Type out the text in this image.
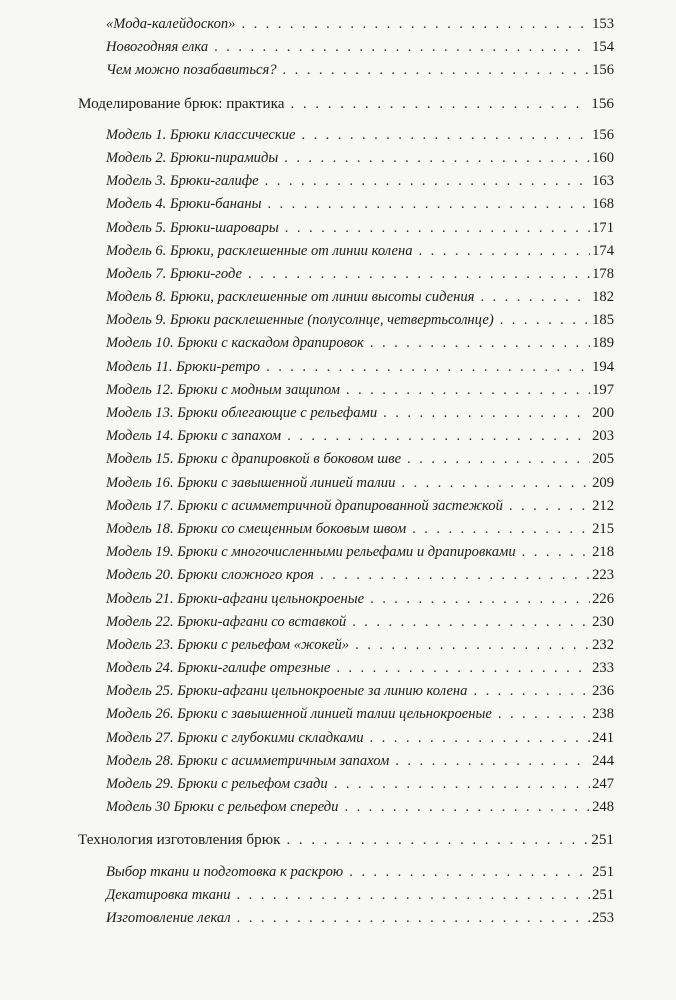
«Мода-калейдоскоп» . . .	153
Новогодняя елка . . .	154
Чем можно позабавиться? . . .	156
Моделирование брюк: практика . . .	156
Модель 1. Брюки классические . . .	156
Модель 2. Брюки-пирамиды . . .	160
Модель 3. Брюки-галифе . . .	163
Модель 4. Брюки-бананы . . .	168
Модель 5. Брюки-шаровары . . .	171
Модель 6. Брюки, расклешенные от линии колена . . .	174
Модель 7. Брюки-годе . . .	178
Модель 8. Брюки, расклешенные от линии высоты сидения . . .	182
Модель 9. Брюки расклешенные (полусолнце, четвертьсолнце) . . .	185
Модель 10. Брюки с каскадом драпировок . . .	189
Модель 11. Брюки-ретро . . .	194
Модель 12. Брюки с модным защипом . . .	197
Модель 13. Брюки облегающие с рельефами . . .	200
Модель 14. Брюки с запахом . . .	203
Модель 15. Брюки с драпировкой в боковом шве . . .	205
Модель 16. Брюки с завышенной линией талии . . .	209
Модель 17. Брюки с асимметричной драпированной застежкой . . .	212
Модель 18. Брюки со смещенным боковым швом . . .	215
Модель 19. Брюки с многочисленными рельефами и драпировками . . .	218
Модель 20. Брюки сложного кроя . . .	223
Модель 21. Брюки-афгани цельнокроеные . . .	226
Модель 22. Брюки-афгани со вставкой . . .	230
Модель 23. Брюки с рельефом «жокей» . . .	232
Модель 24. Брюки-галифе отрезные . . .	233
Модель 25. Брюки-афгани цельнокроеные за линию колена . . .	236
Модель 26. Брюки с завышенной линией талии цельнокроеные . . .	238
Модель 27. Брюки с глубокими складками . . .	241
Модель 28. Брюки с асимметричным запахом . . .	244
Модель 29. Брюки с рельефом сзади . . .	247
Модель 30 Брюки с рельефом спереди . . .	248
Технология изготовления брюк . . .	251
Выбор ткани и подготовка к раскрою . . .	251
Декатировка ткани . . .	251
Изготовление лекал . . .	253
